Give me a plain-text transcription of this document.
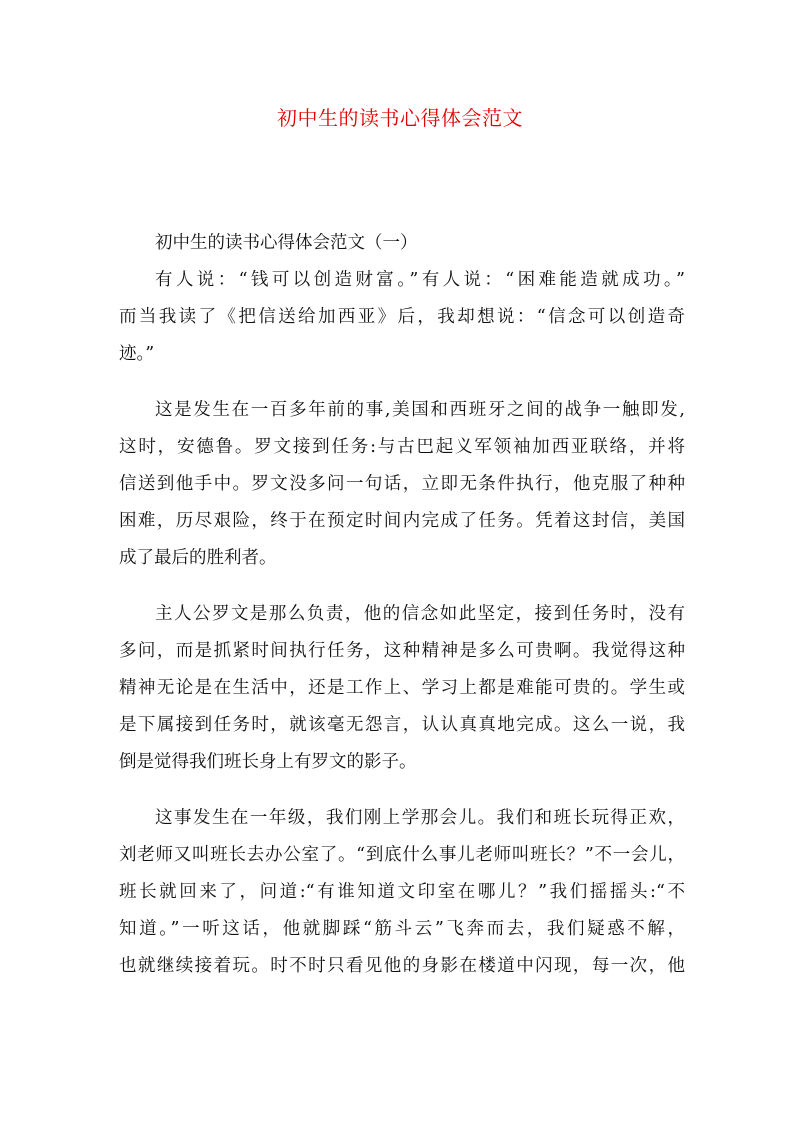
初中生的读书心得体会范文
初中生的读书心得体会范文（一）
有人说：“钱可以创造财富。”有人说：“困难能造就成功。”
而当我读了《把信送给加西亚》后，我却想说：“信念可以创造奇
迹。”
这是发生在一百多年前的事,美国和西班牙之间的战争一触即发,
这时，安德鲁。罗文接到任务:与古巴起义军领袖加西亚联络，并将
信送到他手中。罗文没多问一句话，立即无条件执行，他克服了种种
困难，历尽艰险，终于在预定时间内完成了任务。凭着这封信，美国
成了最后的胜利者。
主人公罗文是那么负责，他的信念如此坚定，接到任务时，没有
多问，而是抓紧时间执行任务，这种精神是多么可贵啊。我觉得这种
精神无论是在生活中，还是工作上、学习上都是难能可贵的。学生或
是下属接到任务时，就该毫无怨言，认认真真地完成。这么一说，我
倒是觉得我们班长身上有罗文的影子。
这事发生在一年级，我们刚上学那会儿。我们和班长玩得正欢，
刘老师又叫班长去办公室了。“到底什么事儿老师叫班长？”不一会儿，
班长就回来了，问道:“有谁知道文印室在哪儿？”我们摇摇头:“不
知道。”一听这话，他就脚踩“筋斗云”飞奔而去，我们疑惑不解，
也就继续接着玩。时不时只看见他的身影在楼道中闪现，每一次，他
